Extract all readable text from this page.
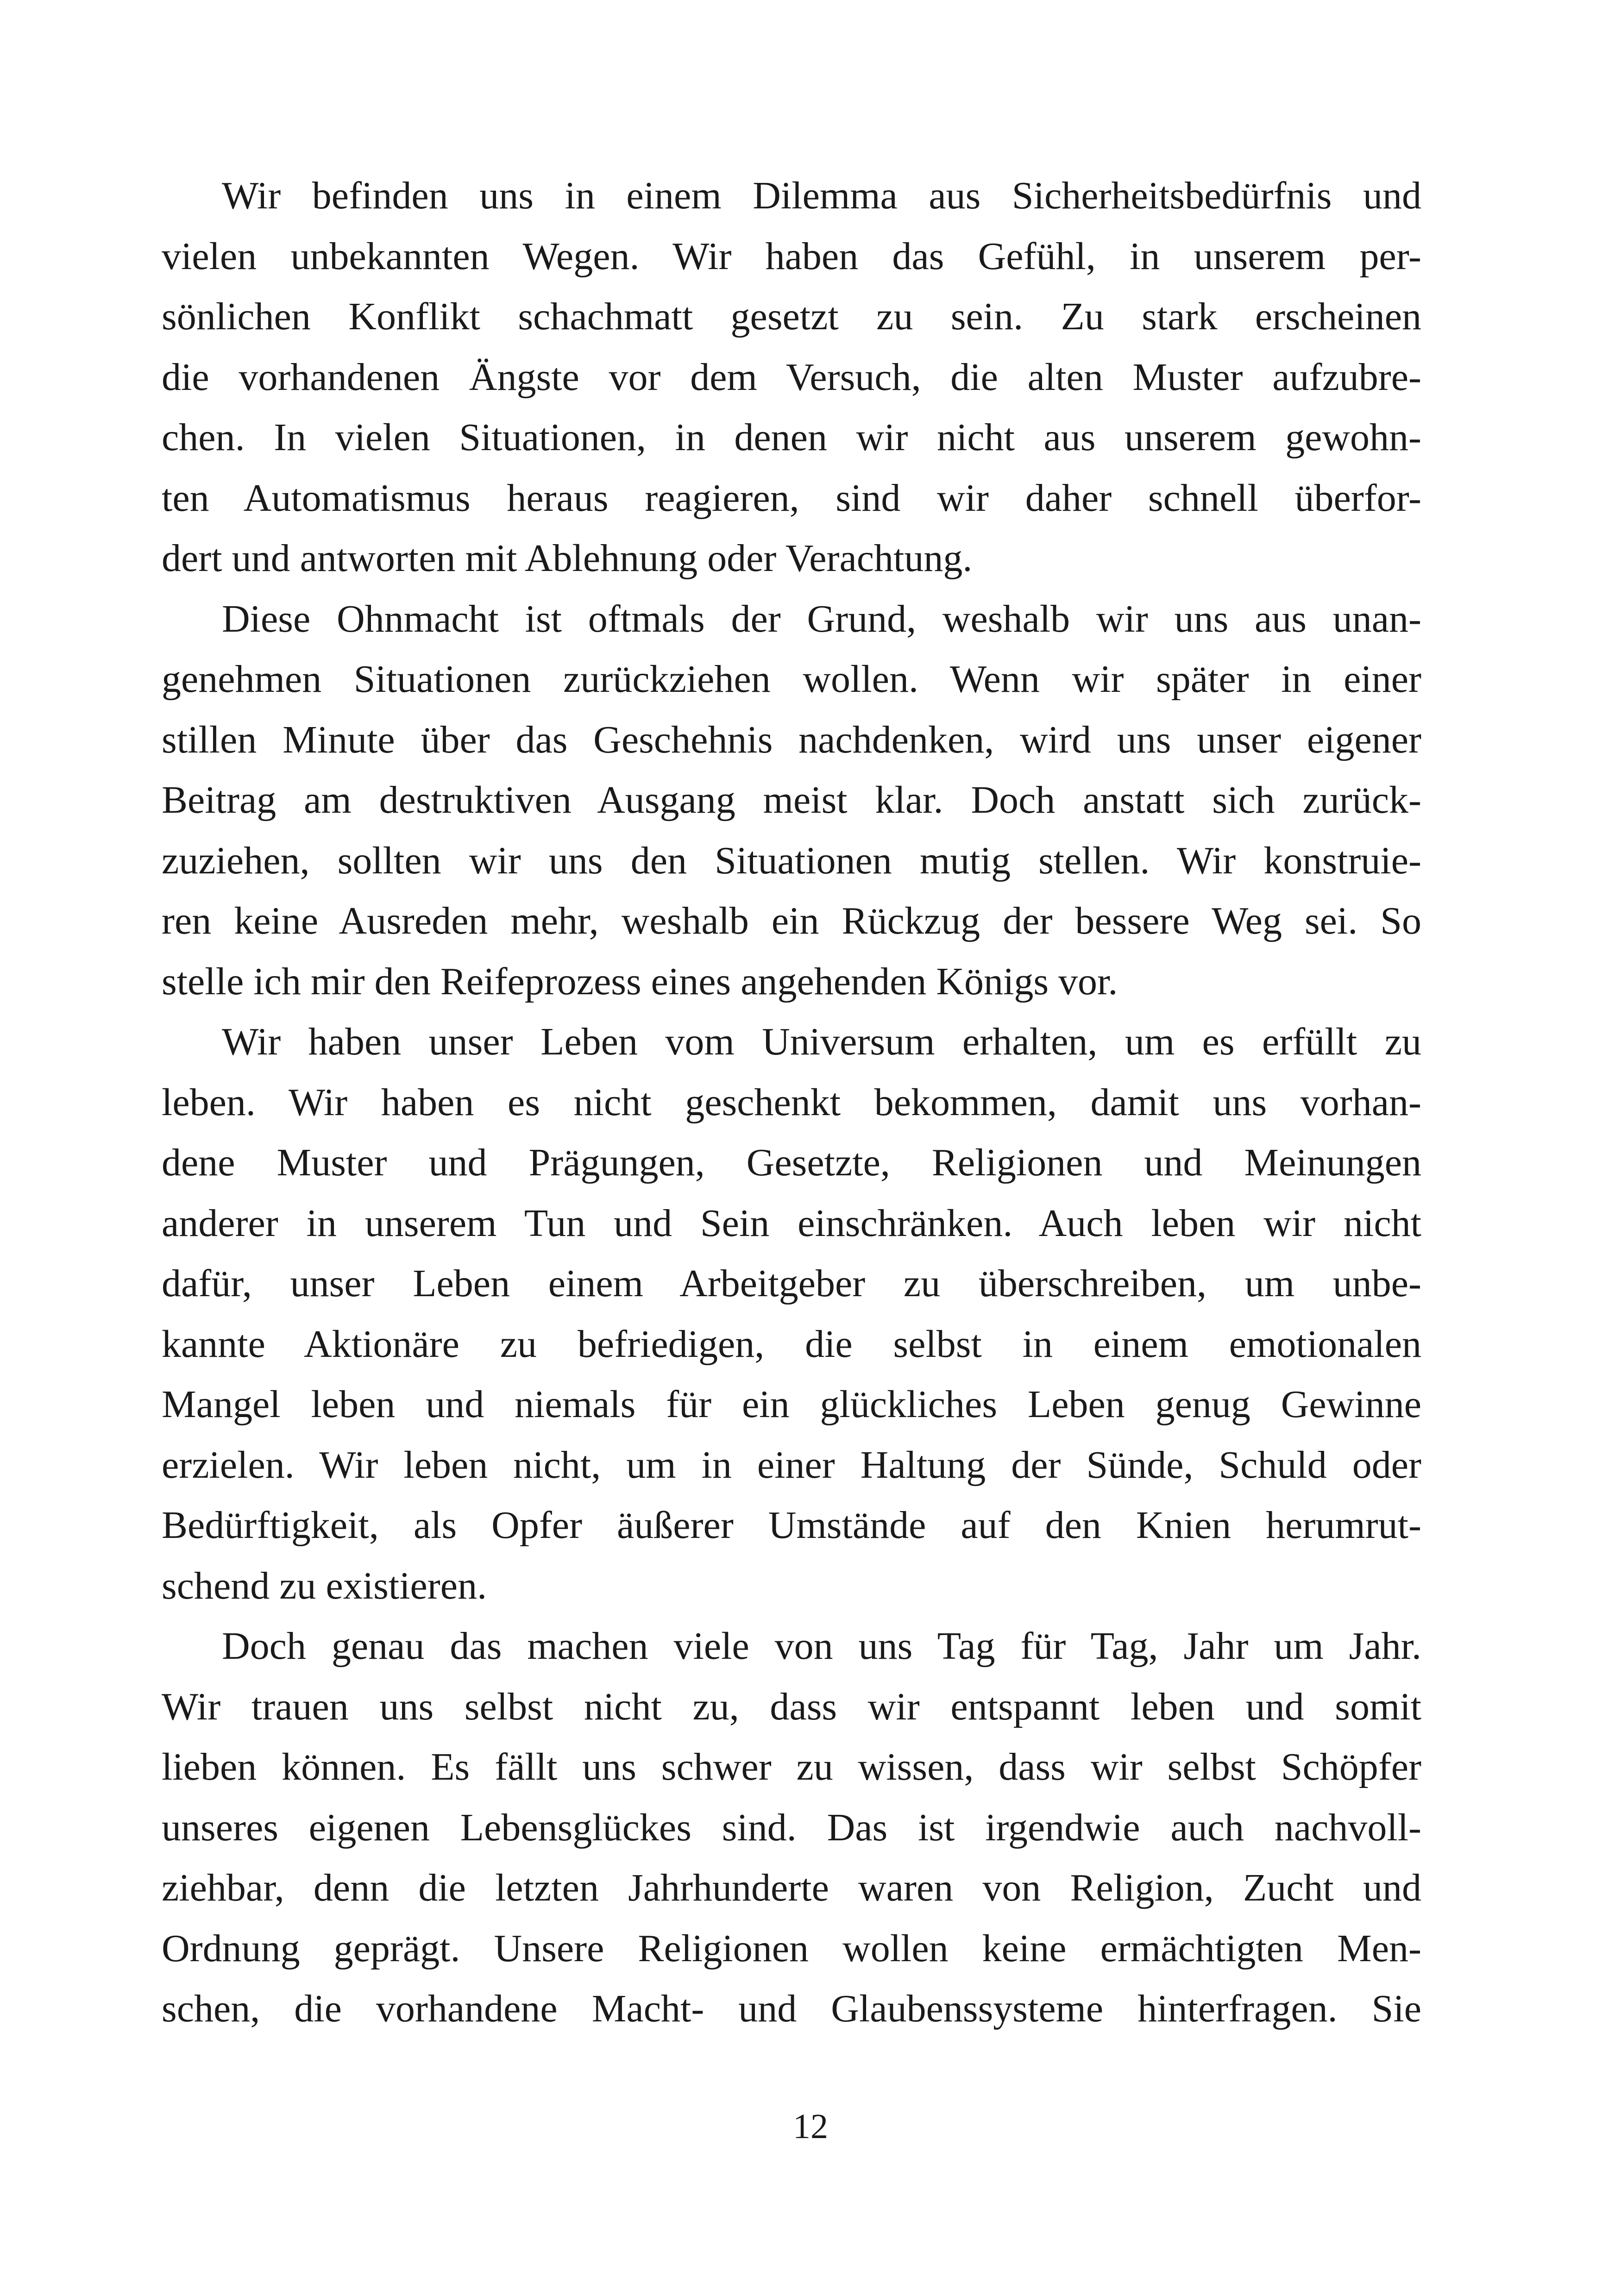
Wir befinden uns in einem Dilemma aus Sicherheitsbedürfnis und
vielen unbekannten Wegen. Wir haben das Gefühl, in unserem per-
sönlichen Konflikt schachmatt gesetzt zu sein. Zu stark erscheinen
die vorhandenen Ängste vor dem Versuch, die alten Muster aufzubre-
chen. In vielen Situationen, in denen wir nicht aus unserem gewohn-
ten Automatismus heraus reagieren, sind wir daher schnell überfor-
dert und antworten mit Ablehnung oder Verachtung.
Diese Ohnmacht ist oftmals der Grund, weshalb wir uns aus unan-
genehmen Situationen zurückziehen wollen. Wenn wir später in einer
stillen Minute über das Geschehnis nachdenken, wird uns unser eigener
Beitrag am destruktiven Ausgang meist klar. Doch anstatt sich zurück-
zuziehen, sollten wir uns den Situationen mutig stellen. Wir konstruie-
ren keine Ausreden mehr, weshalb ein Rückzug der bessere Weg sei. So
stelle ich mir den Reifeprozess eines angehenden Königs vor.
Wir haben unser Leben vom Universum erhalten, um es erfüllt zu
leben. Wir haben es nicht geschenkt bekommen, damit uns vorhan-
dene Muster und Prägungen, Gesetzte, Religionen und Meinungen
anderer in unserem Tun und Sein einschränken. Auch leben wir nicht
dafür, unser Leben einem Arbeitgeber zu überschreiben, um unbe-
kannte Aktionäre zu befriedigen, die selbst in einem emotionalen
Mangel leben und niemals für ein glückliches Leben genug Gewinne
erzielen. Wir leben nicht, um in einer Haltung der Sünde, Schuld oder
Bedürftigkeit, als Opfer äußerer Umstände auf den Knien herumrut-
schend zu existieren.
Doch genau das machen viele von uns Tag für Tag, Jahr um Jahr.
Wir trauen uns selbst nicht zu, dass wir entspannt leben und somit
lieben können. Es fällt uns schwer zu wissen, dass wir selbst Schöpfer
unseres eigenen Lebensglückes sind. Das ist irgendwie auch nachvoll-
ziehbar, denn die letzten Jahrhunderte waren von Religion, Zucht und
Ordnung geprägt. Unsere Religionen wollen keine ermächtigten Men-
schen, die vorhandene Macht- und Glaubenssysteme hinterfragen. Sie
12
